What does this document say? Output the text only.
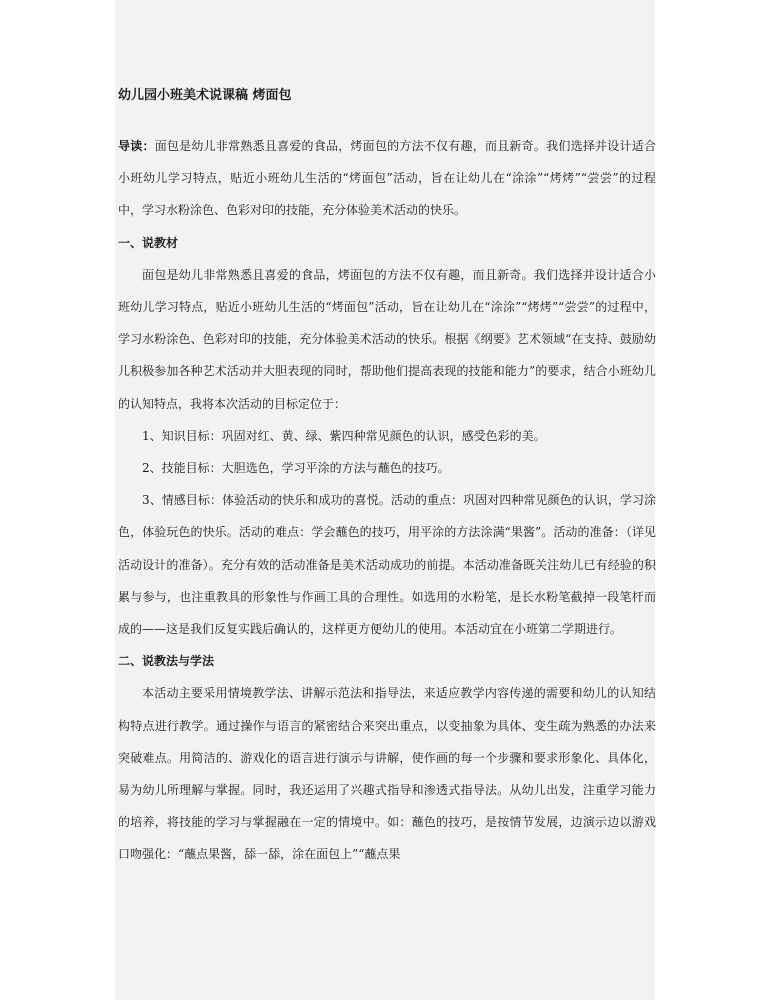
幼儿园小班美术说课稿 烤面包

导读：面包是幼儿非常熟悉且喜爱的食品，烤面包的方法不仅有趣，而且新奇。我们选择并设计适合小班幼儿学习特点，贴近小班幼儿生活的“烤面包”活动，旨在让幼儿在“涂涂”“烤烤”“尝尝”的过程中，学习水粉涂色、色彩对印的技能，充分体验美术活动的快乐。

一、说教材

面包是幼儿非常熟悉且喜爱的食品，烤面包的方法不仅有趣，而且新奇。我们选择并设计适合小班幼儿学习特点，贴近小班幼儿生活的“烤面包”活动，旨在让幼儿在“涂涂”“烤烤”“尝尝”的过程中，学习水粉涂色、色彩对印的技能，充分体验美术活动的快乐。根据《纲要》艺术领域“在支持、鼓励幼儿积极参加各种艺术活动并大胆表现的同时，帮助他们提高表现的技能和能力”的要求，结合小班幼儿的认知特点，我将本次活动的目标定位于：

1、知识目标：巩固对红、黄、绿、紫四种常见颜色的认识，感受色彩的美。

2、技能目标：大胆选色，学习平涂的方法与蘸色的技巧。

3、情感目标：体验活动的快乐和成功的喜悦。活动的重点：巩固对四种常见颜色的认识，学习涂色，体验玩色的快乐。活动的难点：学会蘸色的技巧，用平涂的方法涂满“果酱”。活动的准备：（详见活动设计的准备）。充分有效的活动准备是美术活动成功的前提。本活动准备既关注幼儿已有经验的积累与参与，也注重教具的形象性与作画工具的合理性。如选用的水粉笔，是长水粉笔截掉一段笔杆而成的——这是我们反复实践后确认的，这样更方便幼儿的使用。本活动宜在小班第二学期进行。

二、说教法与学法

本活动主要采用情境教学法、讲解示范法和指导法，来适应教学内容传递的需要和幼儿的认知结构特点进行教学。通过操作与语言的紧密结合来突出重点，以变抽象为具体、变生疏为熟悉的办法来突破难点。用简洁的、游戏化的语言进行演示与讲解，使作画的每一个步骤和要求形象化、具体化，易为幼儿所理解与掌握。同时，我还运用了兴趣式指导和渗透式指导法。从幼儿出发，注重学习能力的培养，将技能的学习与掌握融在一定的情境中。如：蘸色的技巧，是按情节发展，边演示边以游戏口吻强化：“蘸点果酱，舔一舔，涂在面包上”“蘸点果
